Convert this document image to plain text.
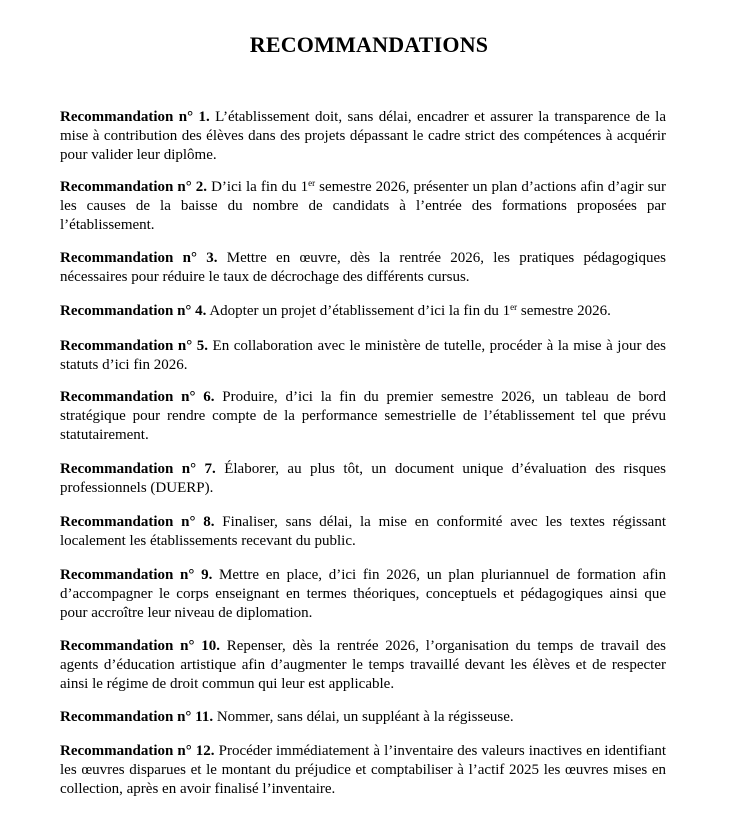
RECOMMANDATIONS

Recommandation n° 1. L’établissement doit, sans délai, encadrer et assurer la transparence de la mise à contribution des élèves dans des projets dépassant le cadre strict des compétences à acquérir pour valider leur diplôme.

Recommandation n° 2. D’ici la fin du 1er semestre 2026, présenter un plan d’actions afin d’agir sur les causes de la baisse du nombre de candidats à l’entrée des formations proposées par l’établissement.

Recommandation n° 3. Mettre en œuvre, dès la rentrée 2026, les pratiques pédagogiques nécessaires pour réduire le taux de décrochage des différents cursus.

Recommandation n° 4. Adopter un projet d’établissement d’ici la fin du 1er semestre 2026.

Recommandation n° 5. En collaboration avec le ministère de tutelle, procéder à la mise à jour des statuts d’ici fin 2026.

Recommandation n° 6. Produire, d’ici la fin du premier semestre 2026, un tableau de bord stratégique pour rendre compte de la performance semestrielle de l’établissement tel que prévu statutairement.

Recommandation n° 7. Élaborer, au plus tôt, un document unique d’évaluation des risques professionnels (DUERP).

Recommandation n° 8. Finaliser, sans délai, la mise en conformité avec les textes régissant localement les établissements recevant du public.

Recommandation n° 9. Mettre en place, d’ici fin 2026, un plan pluriannuel de formation afin d’accompagner le corps enseignant en termes théoriques, conceptuels et pédagogiques ainsi que pour accroître leur niveau de diplomation.

Recommandation n° 10. Repenser, dès la rentrée 2026, l’organisation du temps de travail des agents d’éducation artistique afin d’augmenter le temps travaillé devant les élèves et de respecter ainsi le régime de droit commun qui leur est applicable.

Recommandation n° 11. Nommer, sans délai, un suppléant à la régisseuse.

Recommandation n° 12. Procéder immédiatement à l’inventaire des valeurs inactives en identifiant les œuvres disparues et le montant du préjudice et comptabiliser à l’actif 2025 les œuvres mises en collection, après en avoir finalisé l’inventaire.
